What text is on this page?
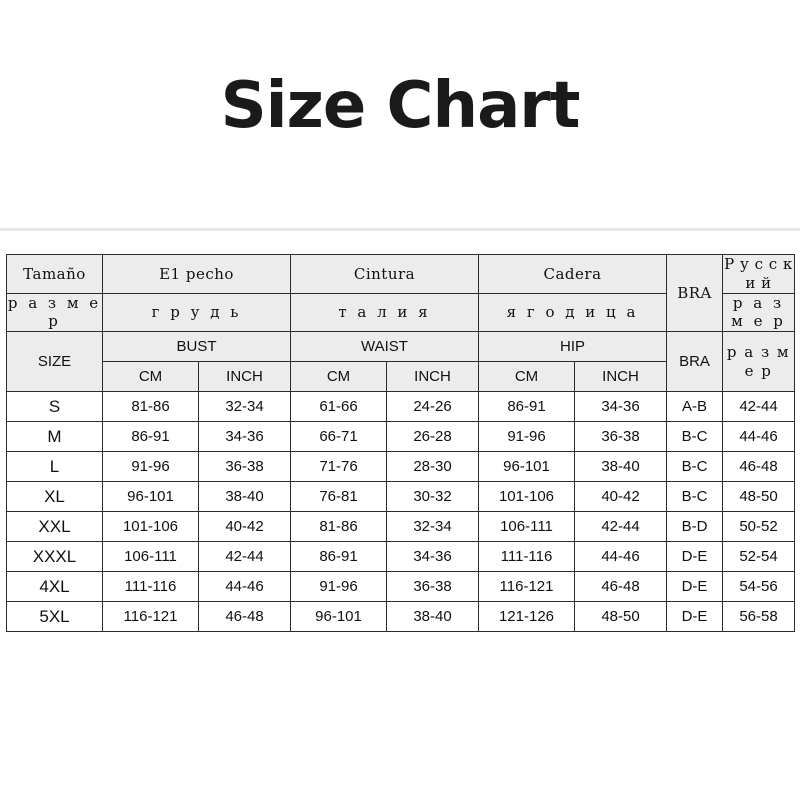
Size Chart
Tamaño	E1 pecho		Cintura		Cadera		BRA	Р у с с к и й
р а з м е р	г р у д ь		т а л и я		я г о д и ц а			р а з м е р
SIZE	BUST		WAIST		HIP		BRA	р а з м е р
	CM	INCH	CM	INCH	CM	INCH		
S	81-86	32-34	61-66	24-26	86-91	34-36	A-B	42-44
M	86-91	34-36	66-71	26-28	91-96	36-38	B-C	44-46
L	91-96	36-38	71-76	28-30	96-101	38-40	B-C	46-48
XL	96-101	38-40	76-81	30-32	101-106	40-42	B-C	48-50
XXL	101-106	40-42	81-86	32-34	106-111	42-44	B-D	50-52
XXXL	106-111	42-44	86-91	34-36	111-116	44-46	D-E	52-54
4XL	111-116	44-46	91-96	36-38	116-121	46-48	D-E	54-56
5XL	116-121	46-48	96-101	38-40	121-126	48-50	D-E	56-58
